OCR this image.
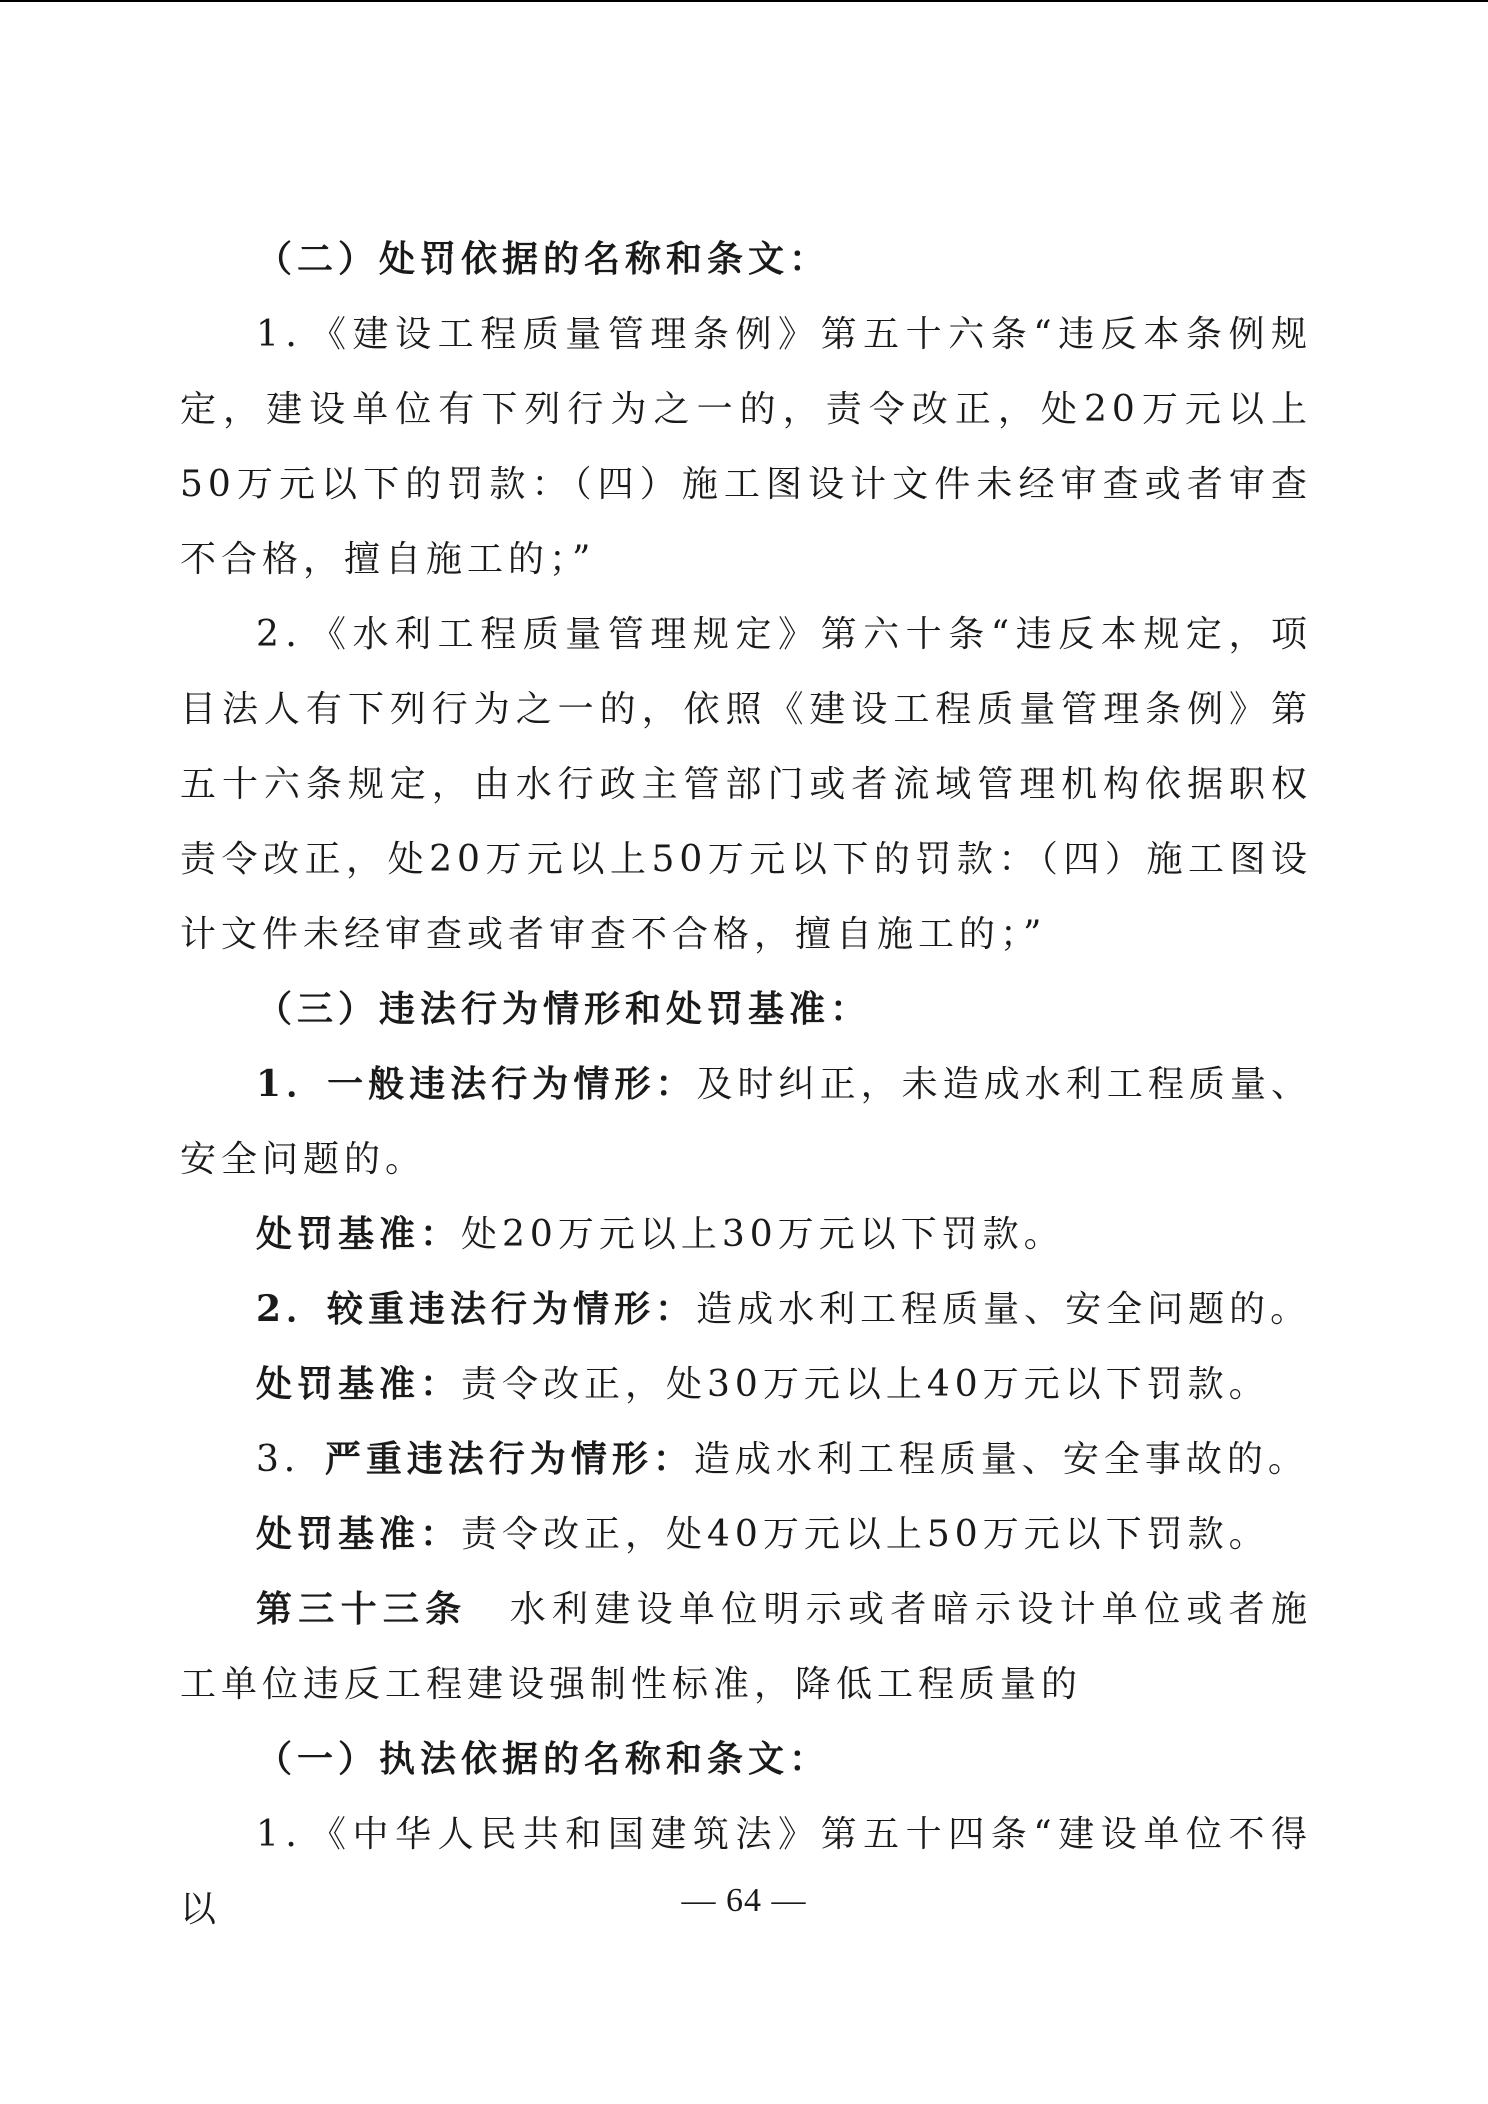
（二）处罚依据的名称和条文：

1．《建设工程质量管理条例》第五十六条“违反本条例规定，建设单位有下列行为之一的，责令改正，处20万元以上50万元以下的罚款：（四）施工图设计文件未经审查或者审查不合格，擅自施工的；”

2．《水利工程质量管理规定》第六十条“违反本规定，项目法人有下列行为之一的，依照《建设工程质量管理条例》第五十六条规定，由水行政主管部门或者流域管理机构依据职权责令改正，处20万元以上50万元以下的罚款：（四）施工图设计文件未经审查或者审查不合格，擅自施工的；”

（三）违法行为情形和处罚基准：

1．一般违法行为情形：及时纠正，未造成水利工程质量、安全问题的。

处罚基准：处20万元以上30万元以下罚款。

2．较重违法行为情形：造成水利工程质量、安全问题的。

处罚基准：责令改正，处30万元以上40万元以下罚款。

3．严重违法行为情形：造成水利工程质量、安全事故的。

处罚基准：责令改正，处40万元以上50万元以下罚款。

第三十三条　水利建设单位明示或者暗示设计单位或者施工单位违反工程建设强制性标准，降低工程质量的

（一）执法依据的名称和条文：

1．《中华人民共和国建筑法》第五十四条“建设单位不得以	— 64 —
